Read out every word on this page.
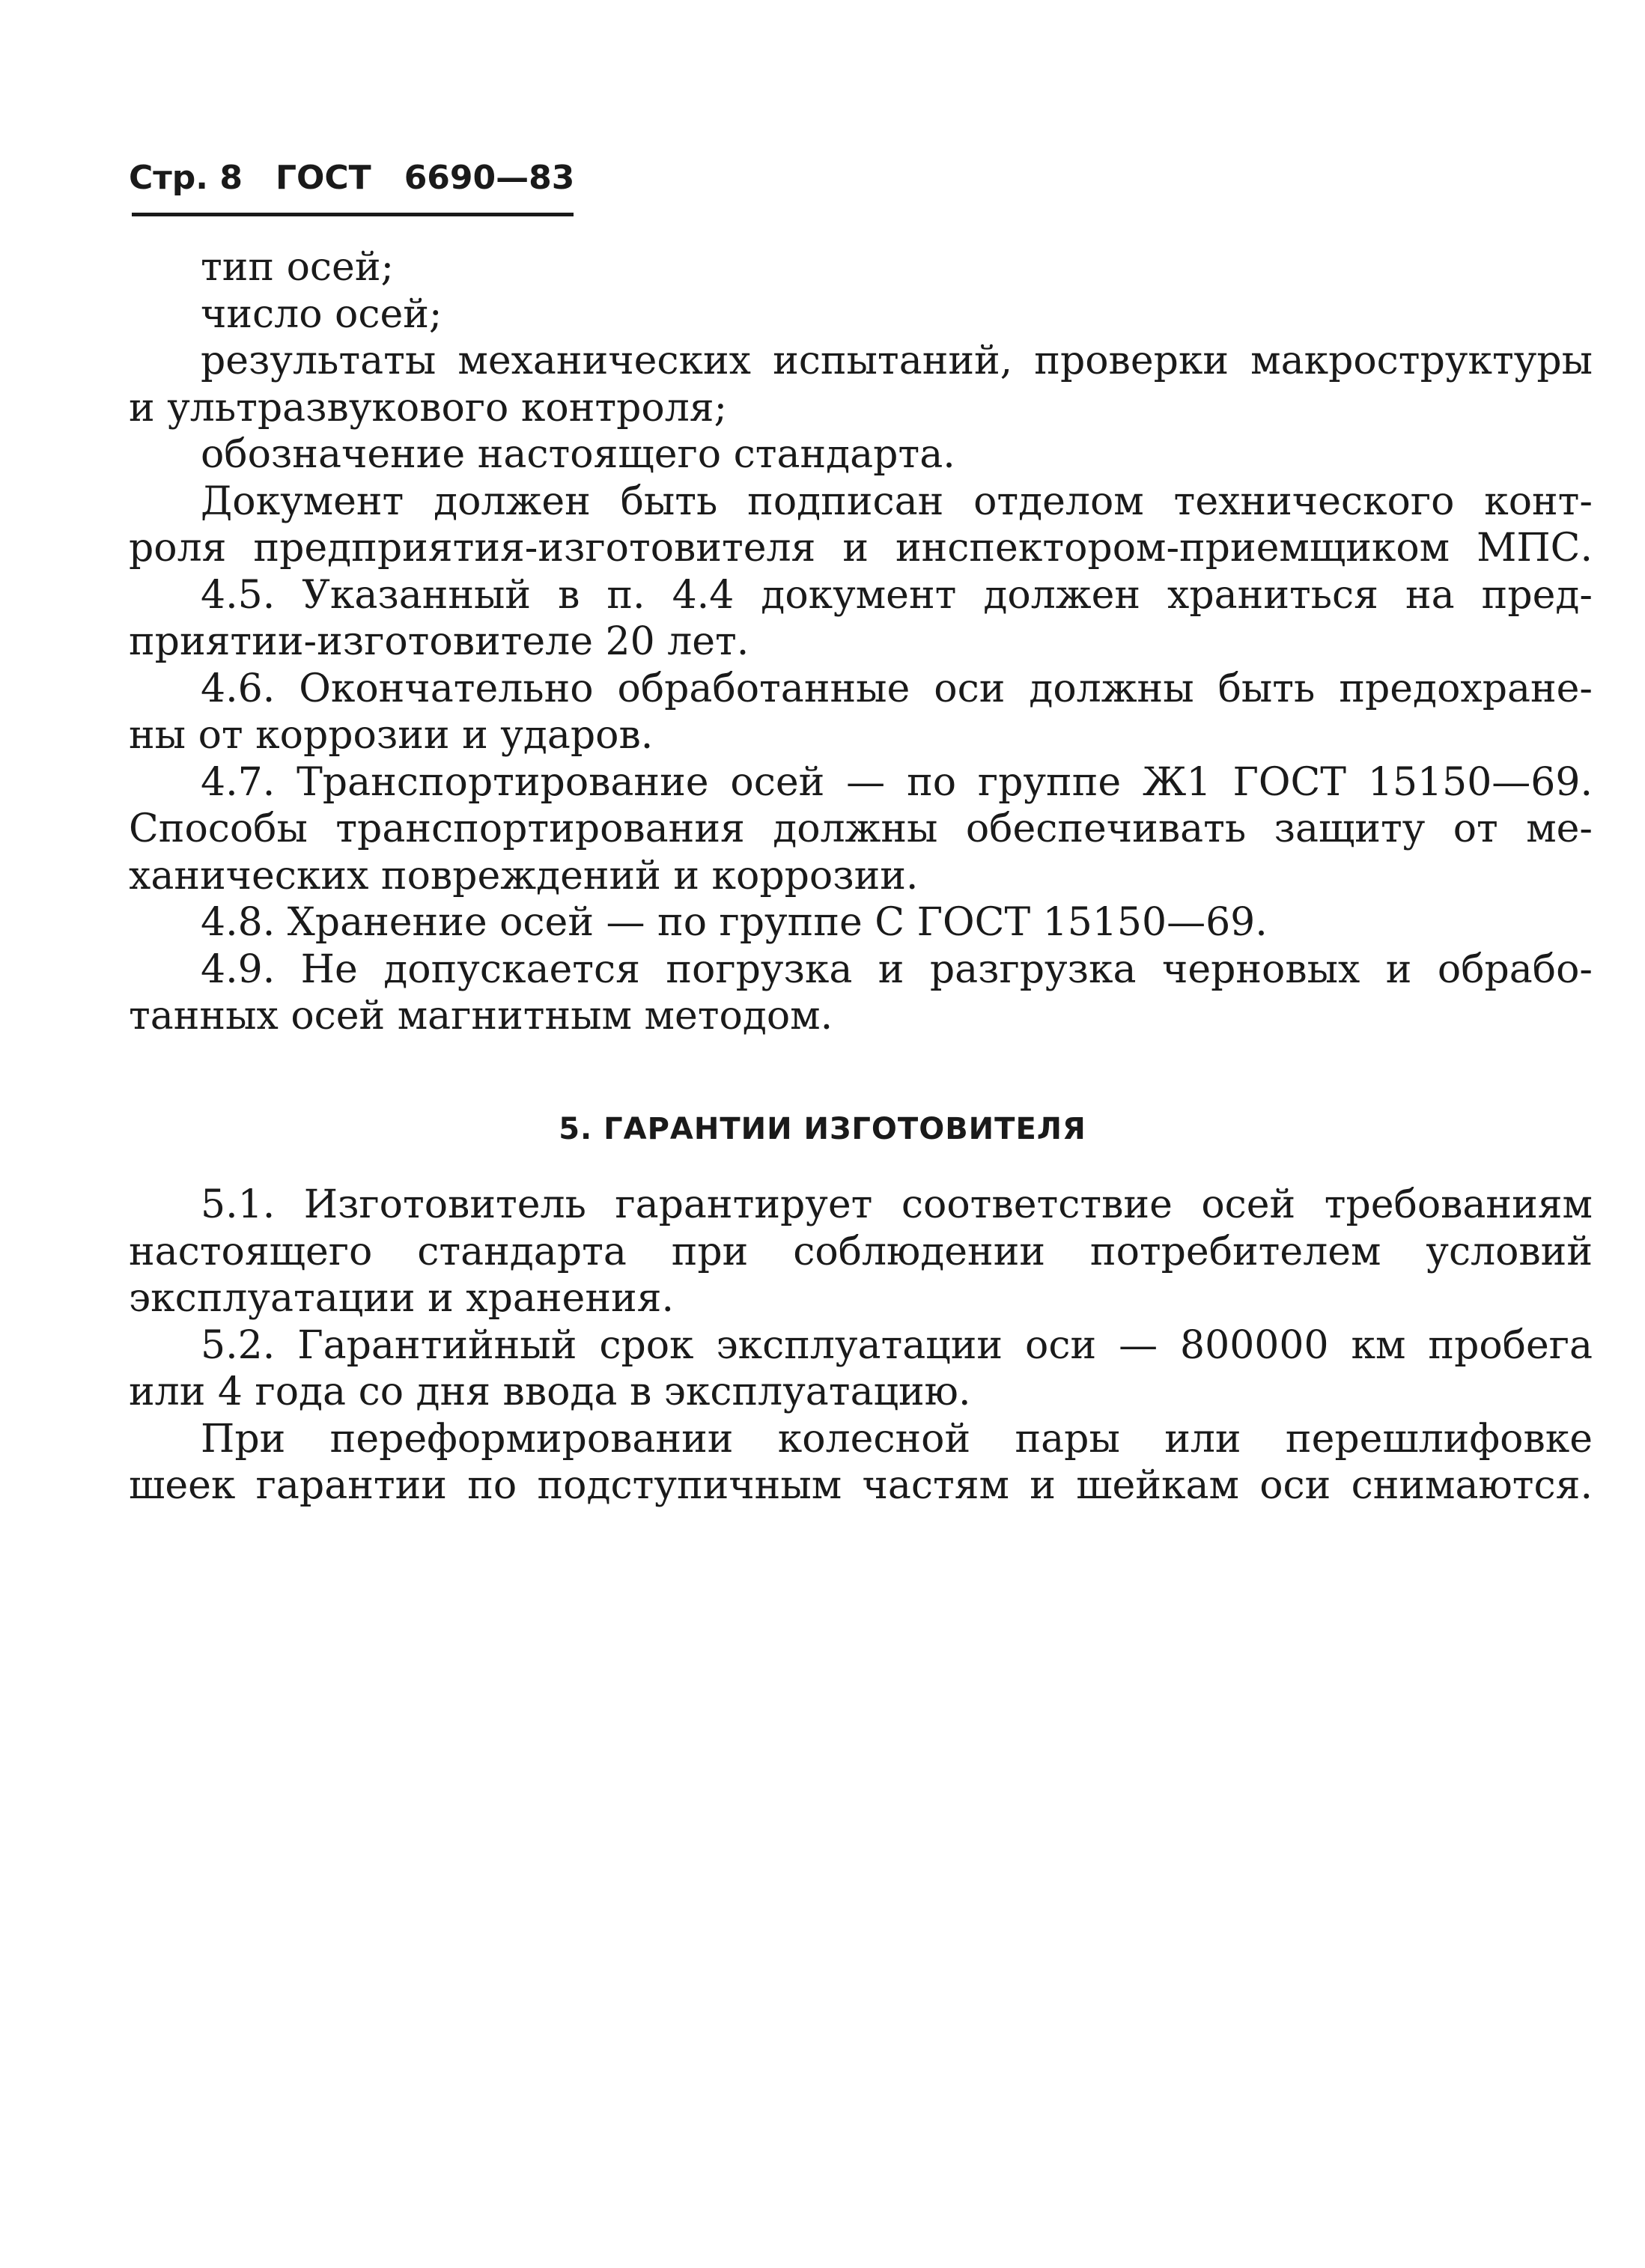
Стр. 8 ГОСТ 6690—83
тип осей;
число осей;
результаты механических испытаний, проверки макроструктуры
и ультразвукового контроля;
обозначение настоящего стандарта.
Документ должен быть подписан отделом технического конт-
роля предприятия-изготовителя и инспектором-приемщиком МПС.
4.5. Указанный в п. 4.4 документ должен хранитьcя на пред-
приятии-изготовителе 20 лет.
4.6. Окончательно обработанные оси должны быть предохране-
ны от коррозии и ударов.
4.7. Транспортирование осей — по группе Ж1 ГОСТ 15150—69.
Способы транспортирования должны обеспечивать защиту от ме-
ханических повреждений и коррозии.
4.8. Хранение осей — по группе С ГОСТ 15150—69.
4.9. Не допускается погрузка и разгрузка черновых и обрабо-
танных осей магнитным методом.
5. ГАРАНТИИ ИЗГОТОВИТЕЛЯ
5.1. Изготовитель гарантирует соответствие осей требованиям
настоящего стандарта при соблюдении потребителем условий
эксплуатации и хранения.
5.2. Гарантийный срок эксплуатации оси — 800000 км пробега
или 4 года со дня ввода в эксплуатацию.
При переформировании колесной пары или перешлифовке
шеек гарантии по подступичным частям и шейкам оси снимаются.
